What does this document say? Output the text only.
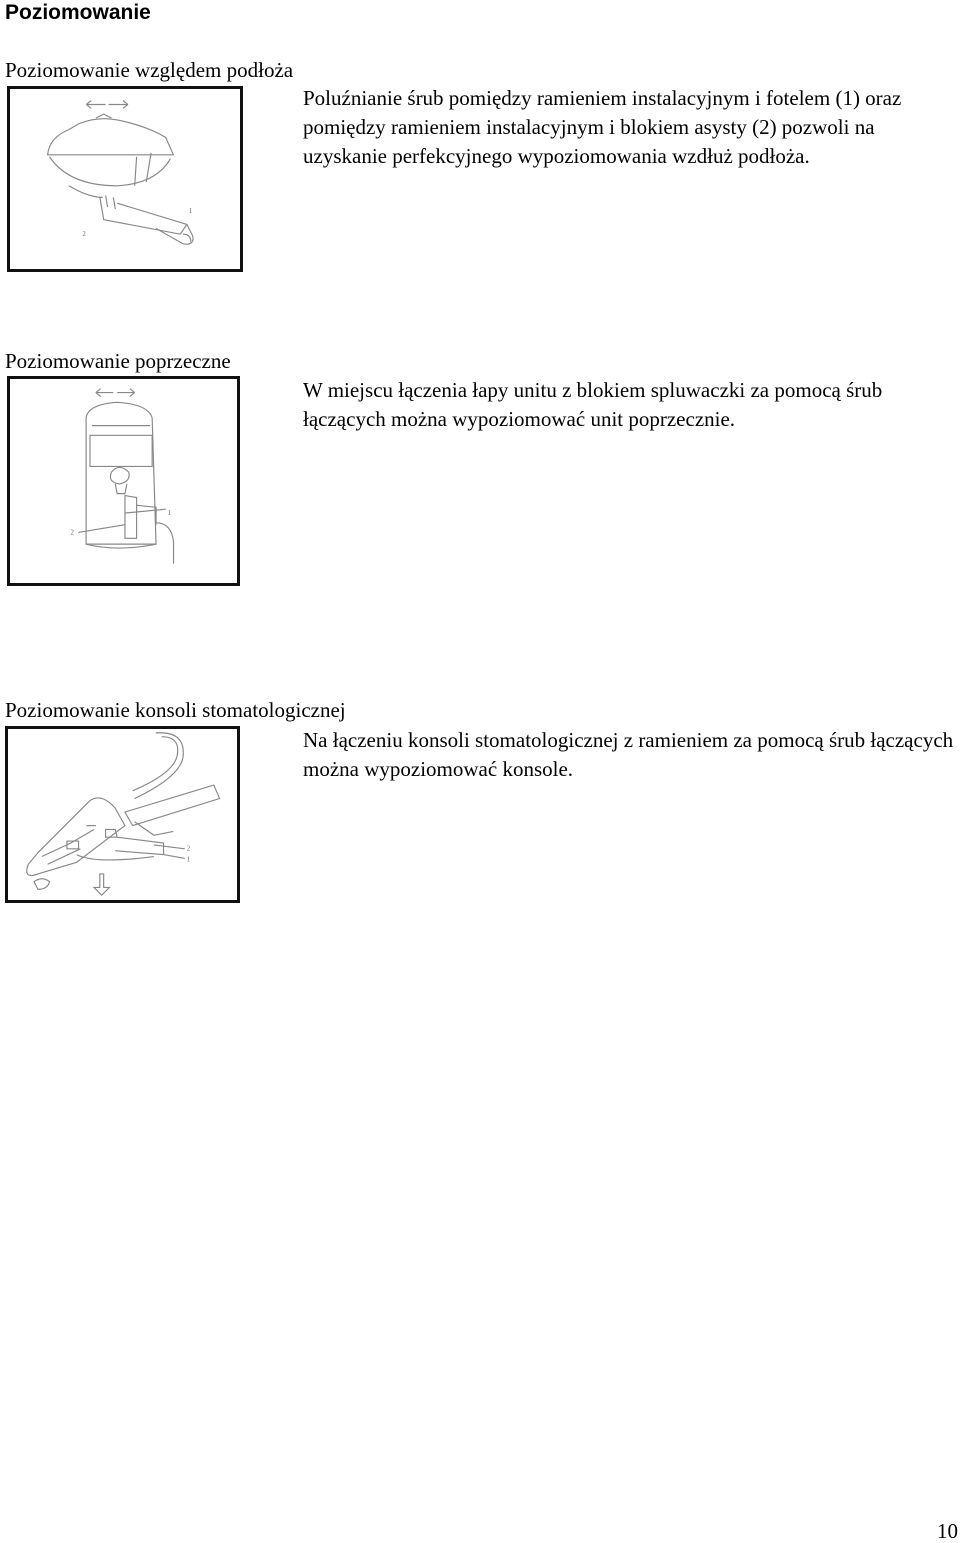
Poziomowanie
Poziomowanie względem podłoża
2
1

Poluźnianie śrub pomiędzy ramieniem instalacyjnym i fotelem (1) oraz pomiędzy ramieniem instalacyjnym i blokiem asysty (2) pozwoli na uzyskanie perfekcyjnego wypoziomowania wzdłuż podłoża.

Poziomowanie poprzeczne
2
1

W miejscu łączenia łapy unitu z blokiem spluwaczki za pomocą śrub łączących można wypoziomować unit poprzecznie.

Poziomowanie konsoli stomatologicznej
2
1

Na łączeniu konsoli stomatologicznej z ramieniem za pomocą śrub łączących można wypoziomować konsole.

10
